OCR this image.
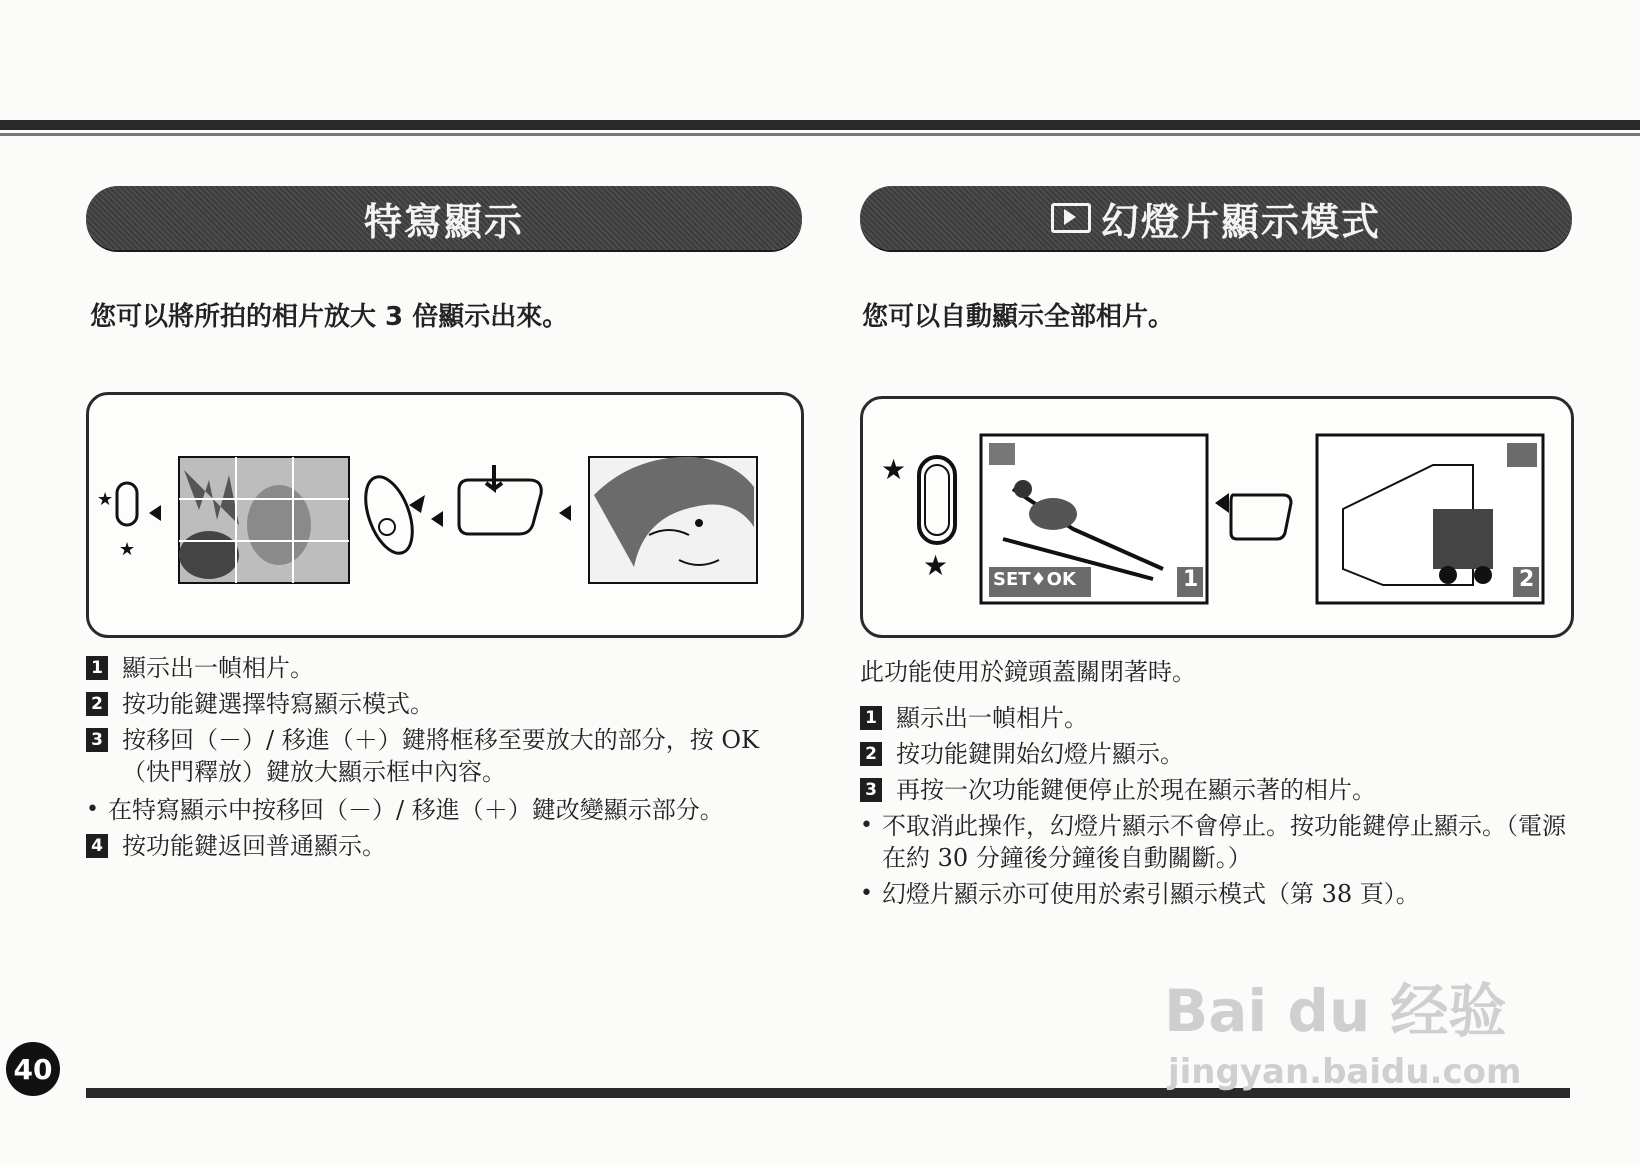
特寫顯示
您可以將所拍的相片放大 3 倍顯示出來。
★
★
1 顯示出一幀相片。
2 按功能鍵選擇特寫顯示模式。
3 按移回（－）/ 移進（＋）鍵將框移至要放大的部分，按 OK（快門釋放）鍵放大顯示框中內容。
• 在特寫顯示中按移回（－）/ 移進（＋）鍵改變顯示部分。
4 按功能鍵返回普通顯示。
幻燈片顯示模式
您可以自動顯示全部相片。
★
★ SET♦OK	1	2
此功能使用於鏡頭蓋關閉著時。
1 顯示出一幀相片。
2 按功能鍵開始幻燈片顯示。
3 再按一次功能鍵便停止於現在顯示著的相片。
• 不取消此操作，幻燈片顯示不會停止。按功能鍵停止顯示。（電源在約 30 分鐘後分鐘後自動關斷。）
• 幻燈片顯示亦可使用於索引顯示模式（第 38 頁）。
40
Bai du 经验
jingyan.baidu.com
